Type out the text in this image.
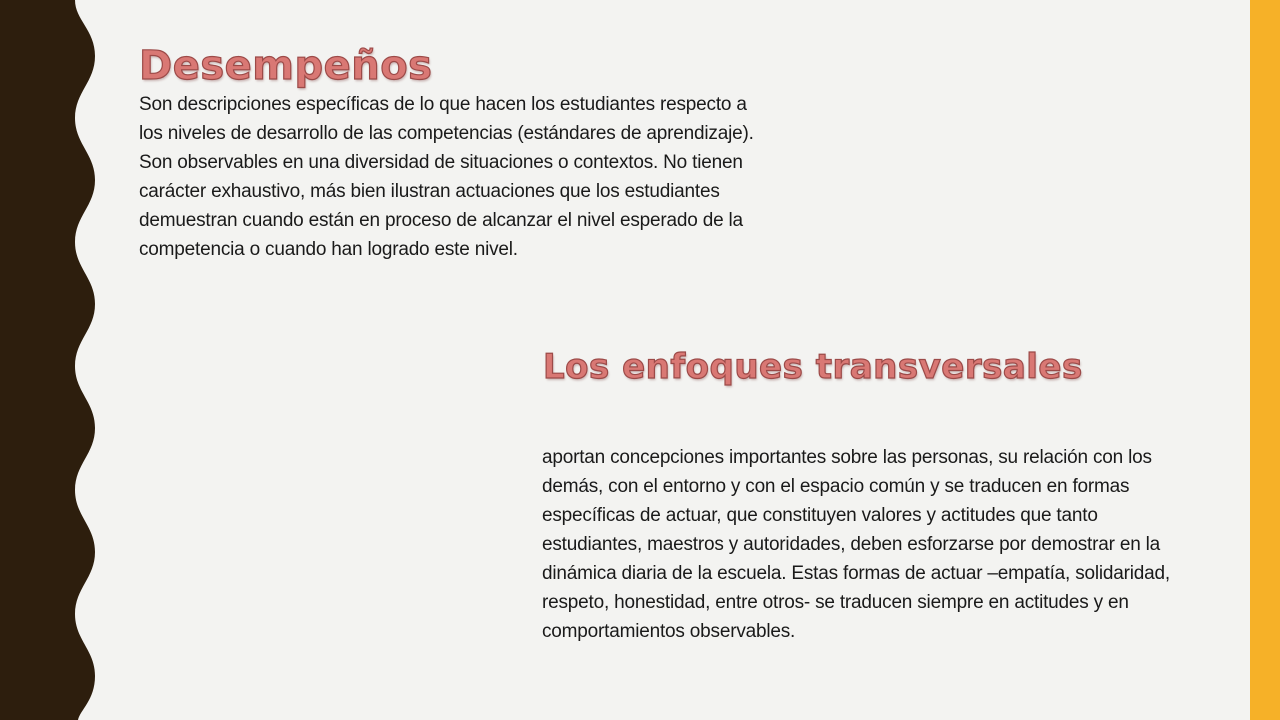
Desempeños

Son descripciones específicas de lo que hacen los estudiantes respecto a los niveles de desarrollo de las competencias (estándares de aprendizaje). Son observables en una diversidad de situaciones o contextos. No tienen carácter exhaustivo, más bien ilustran actuaciones que los estudiantes demuestran cuando están en proceso de alcanzar el nivel esperado de la competencia o cuando han logrado este nivel.

Los enfoques transversales

aportan concepciones importantes sobre las personas, su relación con los demás, con el entorno y con el espacio común y se traducen en formas específicas de actuar, que constituyen valores y actitudes que tanto estudiantes, maestros y autoridades, deben esforzarse por demostrar en la dinámica diaria de la escuela. Estas formas de actuar –empatía, solidaridad, respeto, honestidad, entre otros- se traducen siempre en actitudes y en comportamientos observables.
